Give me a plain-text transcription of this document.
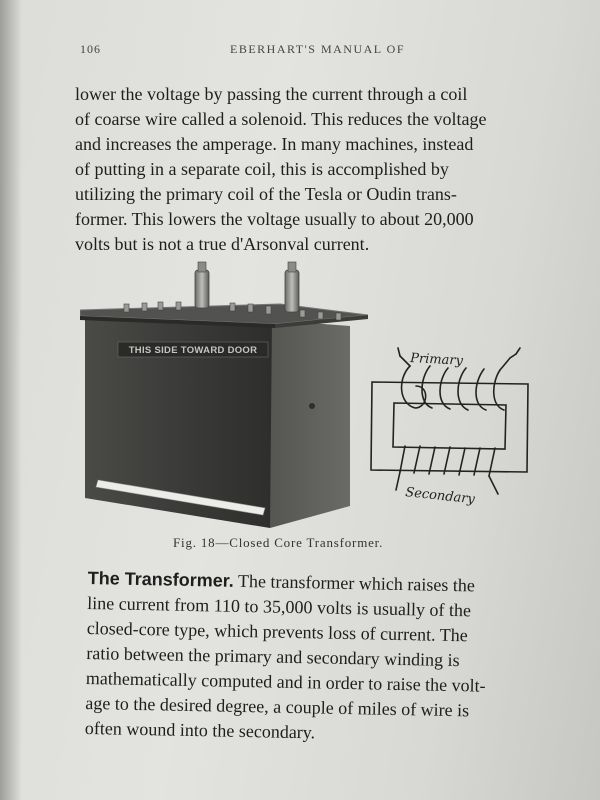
106	EBERHART'S MANUAL OF

lower the voltage by passing the current through a coil
of coarse wire called a solenoid. This reduces the voltage
and increases the amperage. In many machines, instead
of putting in a separate coil, this is accomplished by
utilizing the primary coil of the Tesla or Oudin trans-
former. This lowers the voltage usually to about 20,000
volts but is not a true d'Arsonval current.

THIS SIDE TOWARD DOOR
Primary
Secondary
Fig. 18—Closed Core Transformer.

The Transformer. The transformer which raises the
line current from 110 to 35,000 volts is usually of the
closed-core type, which prevents loss of current. The
ratio between the primary and secondary winding is
mathematically computed and in order to raise the volt-
age to the desired degree, a couple of miles of wire is
often wound into the secondary.
